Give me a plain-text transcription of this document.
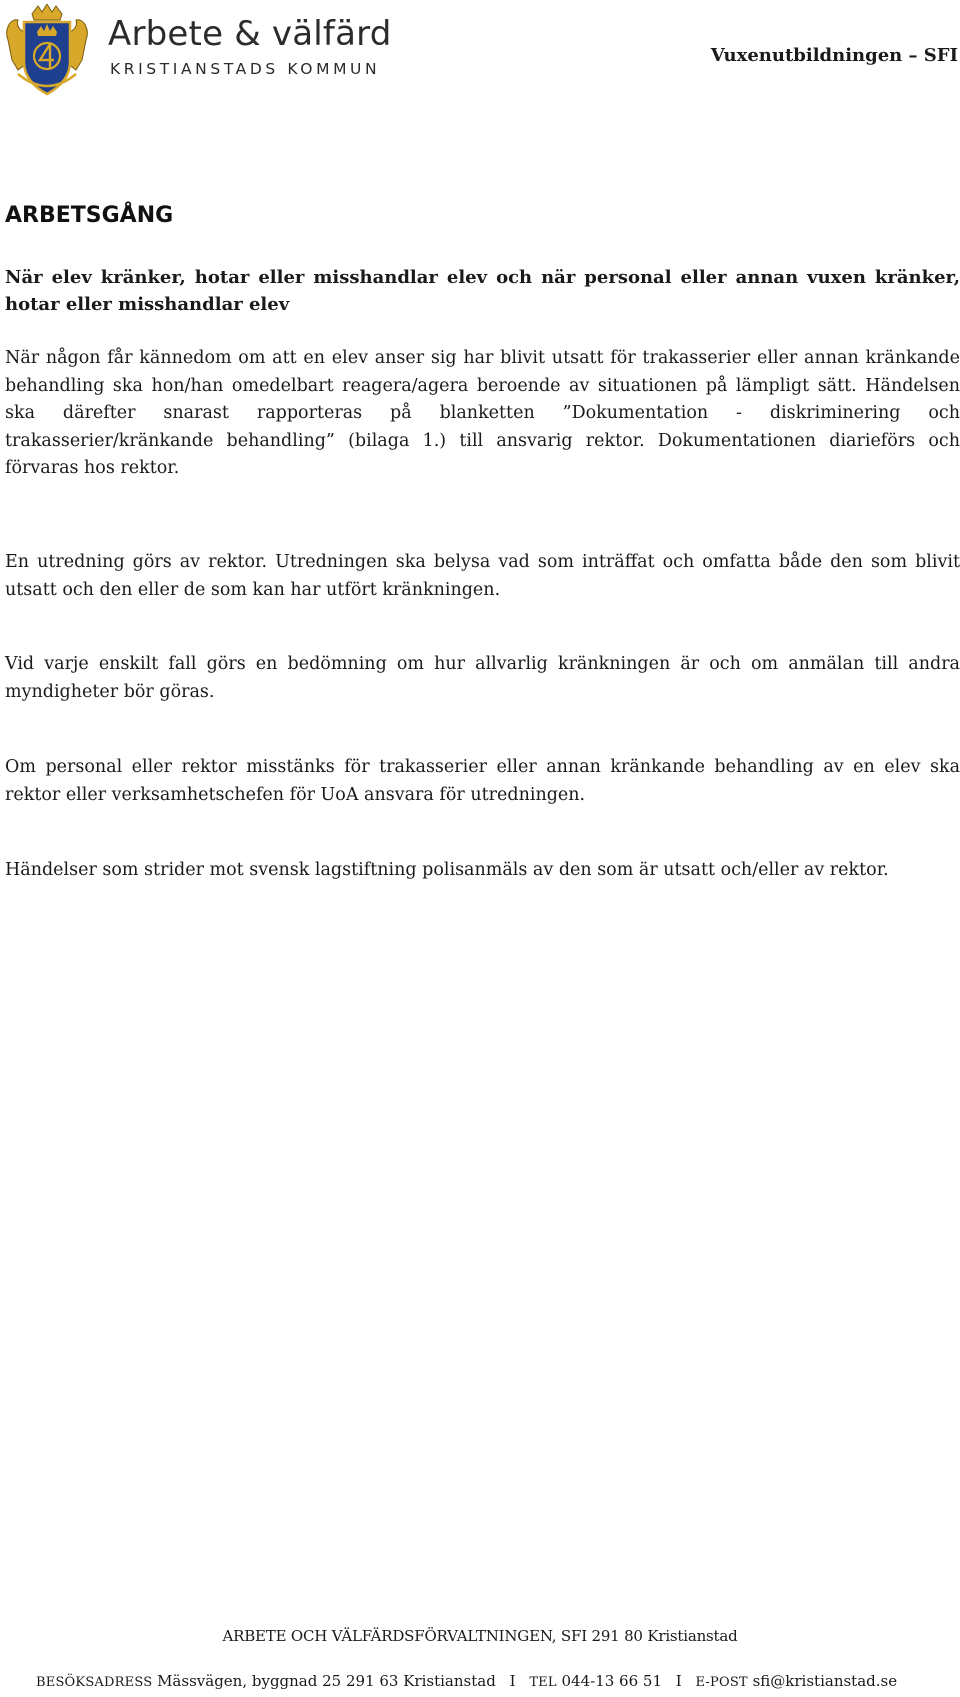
Arbete & välfärd
KRISTIANSTADS KOMMUN
Vuxenutbildningen – SFI
ARBETSGÅNG
När elev kränker, hotar eller misshandlar elev och när personal eller annan vuxen kränker, hotar eller misshandlar elev
När någon får kännedom om att en elev anser sig har blivit utsatt för trakasserier eller annan kränkande behandling ska hon/han omedelbart reagera/agera beroende av situationen på lämpligt sätt. Händelsen ska därefter snarast rapporteras på blanketten ”Dokumentation - diskriminering och trakasserier/kränkande behandling” (bilaga 1.) till ansvarig rektor. Dokumentationen diarieförs och förvaras hos rektor.
En utredning görs av rektor. Utredningen ska belysa vad som inträffat och omfatta både den som blivit utsatt och den eller de som kan har utfört kränkningen.
Vid varje enskilt fall görs en bedömning om hur allvarlig kränkningen är och om anmälan till andra myndigheter bör göras.
Om personal eller rektor misstänks för trakasserier eller annan kränkande behandling av en elev ska rektor eller verksamhetschefen för UoA ansvara för utredningen.
Händelser som strider mot svensk lagstiftning polisanmäls av den som är utsatt och/eller av rektor.
ARBETE OCH VÄLFÄRDSFÖRVALTNINGEN, SFI 291 80 Kristianstad
BESÖKSADRESS Mässvägen, byggnad 25 291 63 Kristianstad I TEL 044-13 66 51 I E-POST sfi@kristianstad.se
